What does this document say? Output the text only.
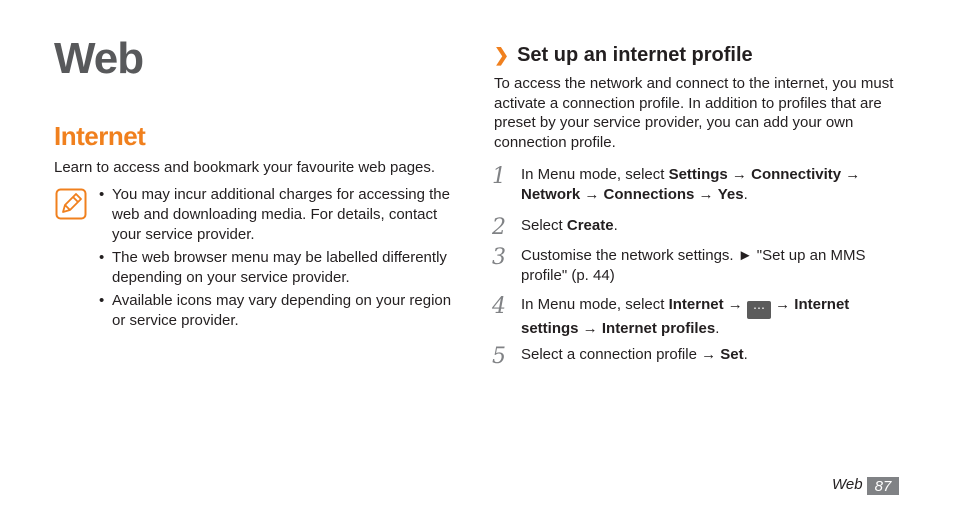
Web
Internet
Learn to access and bookmark your favourite web pages.
• You may incur additional charges for accessing the web and downloading media. For details, contact your service provider.
• The web browser menu may be labelled differently depending on your service provider.
• Available icons may vary depending on your region or service provider.
❯ Set up an internet profile
To access the network and connect to the internet, you must activate a connection profile. In addition to profiles that are preset by your service provider, you can add your own connection profile.
1 In Menu mode, select Settings → Connectivity →
Network → Connections → Yes.
2 Select Create.
3 Customise the network settings. ► "Set up an MMS profile" (p. 44)
4 In Menu mode, select Internet → ⋯ → Internet settings → Internet profiles.
5 Select a connection profile → Set.
Web 87
